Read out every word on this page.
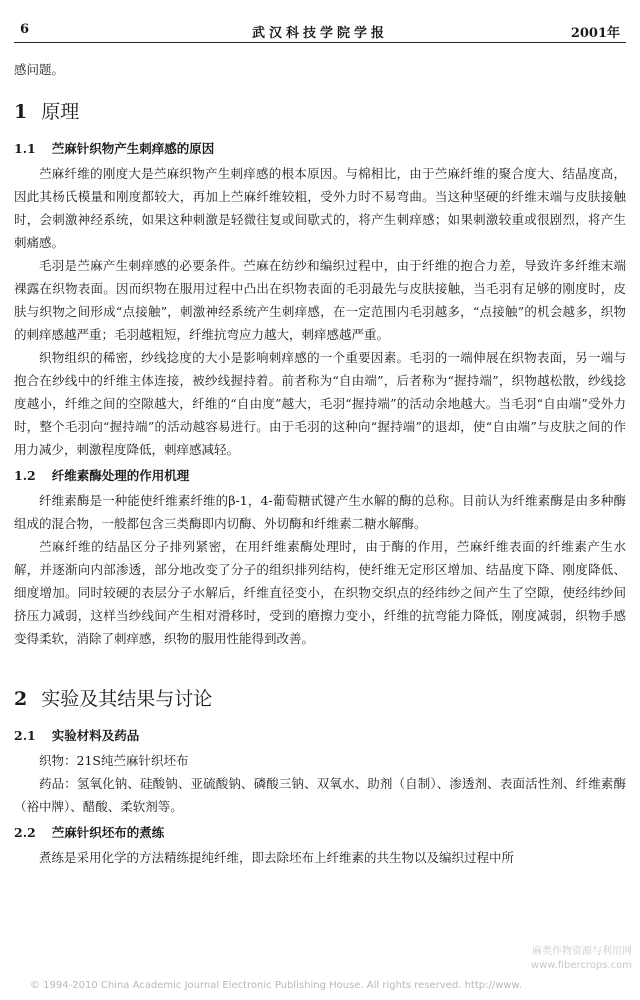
6	武汉科技学院学报	2001年

感问题。

1 原理
1.1 苎麻针织物产生刺痒感的原因

苎麻纤维的刚度大是苎麻织物产生刺痒感的根本原因。与棉相比，由于苎麻纤维的聚合度大、结晶度高，因此其杨氏模量和刚度都较大，再加上苎麻纤维较粗，受外力时不易弯曲。当这种坚硬的纤维末端与皮肤接触时，会刺激神经系统，如果这种刺激是轻微往复或间歇式的，将产生刺痒感；如果刺激较重或很剧烈，将产生刺痛感。

毛羽是苎麻产生刺痒感的必要条件。苎麻在纺纱和编织过程中，由于纤维的抱合力差，导致许多纤维末端裸露在织物表面。因而织物在服用过程中凸出在织物表面的毛羽最先与皮肤接触，当毛羽有足够的刚度时，皮肤与织物之间形成“点接触”，刺激神经系统产生刺痒感，在一定范围内毛羽越多，“点接触”的机会越多，织物的刺痒感越严重；毛羽越粗短，纤维抗弯应力越大，刺痒感越严重。

织物组织的稀密，纱线捻度的大小是影响刺痒感的一个重要因素。毛羽的一端伸展在织物表面，另一端与抱合在纱线中的纤维主体连接，被纱线握持着。前者称为“自由端”，后者称为“握持端”，织物越松散，纱线捻度越小，纤维之间的空隙越大，纤维的“自由度”越大，毛羽“握持端”的活动余地越大。当毛羽“自由端”受外力时，整个毛羽向“握持端”的活动越容易进行。由于毛羽的这种向“握持端”的退却，使“自由端”与皮肤之间的作用力减少，刺激程度降低，刺痒感减轻。

1.2 纤维素酶处理的作用机理

纤维素酶是一种能使纤维素纤维的β-1，4-葡萄糖甙键产生水解的酶的总称。目前认为纤维素酶是由多种酶组成的混合物，一般都包含三类酶即内切酶、外切酶和纤维素二糖水解酶。

苎麻纤维的结晶区分子排列紧密，在用纤维素酶处理时，由于酶的作用，苎麻纤维表面的纤维素产生水解，并逐渐向内部渗透，部分地改变了分子的组织排列结构，使纤维无定形区增加、结晶度下降、刚度降低、细度增加。同时较硬的表层分子水解后，纤维直径变小，在织物交织点的经纬纱之间产生了空隙，使经纬纱间挤压力减弱，这样当纱线间产生相对滑移时，受到的磨擦力变小，纤维的抗弯能力降低，刚度减弱，织物手感变得柔软，消除了刺痒感，织物的服用性能得到改善。

2 实验及其结果与讨论
2.1 实验材料及药品

织物：21S纯苎麻针织坯布

药品：氢氧化钠、硅酸钠、亚硫酸钠、磷酸三钠、双氧水、助剂（自制）、渗透剂、表面活性剂、纤维素酶（裕中牌）、醋酸、柔软剂等。

2.2 苎麻针织坯布的煮练

煮练是采用化学的方法精练提纯纤维，即去除坯布上纤维素的共生物以及编织过程中所

麻类作物资源与利用网
www.fibercrops.com
© 1994-2010 China Academic Journal Electronic Publishing House. All rights reserved. http://www.
